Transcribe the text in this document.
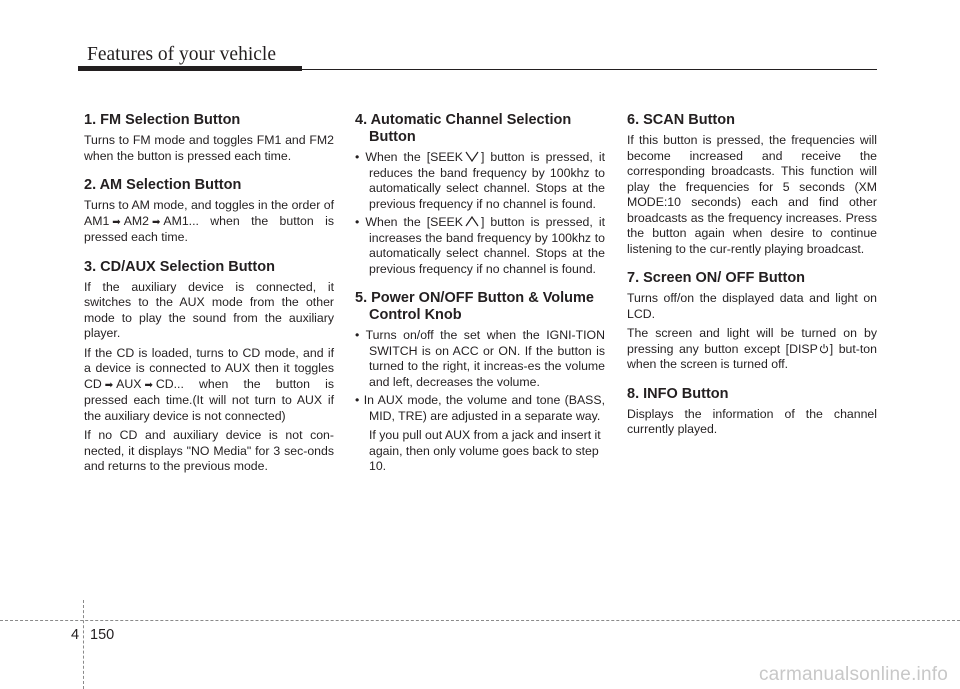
Features of your vehicle
1. FM Selection Button

Turns to FM mode and toggles FM1 and FM2 when the button is pressed each time.

2. AM Selection Button

Turns to AM mode, and toggles in the order of AM1 ➡ AM2 ➡ AM1... when the button is pressed each time.

3. CD/AUX Selection Button

If the auxiliary device is connected, it switches to the AUX mode from the other mode to play the sound from the auxiliary player.

If the CD is loaded, turns to CD mode, and if a device is connected to AUX then it toggles CD ➡ AUX ➡ CD... when the button is pressed each time.(It will not turn to AUX if the auxiliary device is not connected)

If no CD and auxiliary device is not con-nected, it displays "NO Media" for 3 sec-onds and returns to the previous mode.

4. Automatic Channel Selection Button
• When the [SEEK ] button is pressed, it reduces the band frequency by 100khz to automatically select channel. Stops at the previous frequency if no channel is found.
• When the [SEEK ] button is pressed, it increases the band frequency by 100khz to automatically select channel. Stops at the previous frequency if no channel is found.
5. Power ON/OFF Button & Volume Control Knob
• Turns on/off the set when the IGNI-TION SWITCH is on ACC or ON. If the button is turned to the right, it increas-es the volume and left, decreases the volume.
• In AUX mode, the volume and tone (BASS, MID, TRE) are adjusted in a separate way.

If you pull out AUX from a jack and insert it again, then only volume goes back to step 10.

6. SCAN Button

If this button is pressed, the frequencies will become increased and receive the corresponding broadcasts. This function will play the frequencies for 5 seconds (XM MODE:10 seconds) each and find other broadcasts as the frequency increases. Press the button again when desire to continue listening to the cur-rently playing broadcast.

7. Screen ON/ OFF Button

Turns off/on the displayed data and light on LCD.

The screen and light will be turned on by pressing any button except [DISP ] but-ton when the screen is turned off.

8. INFO Button

Displays the information of the channel currently played.

4 150
carmanualsonline.info
